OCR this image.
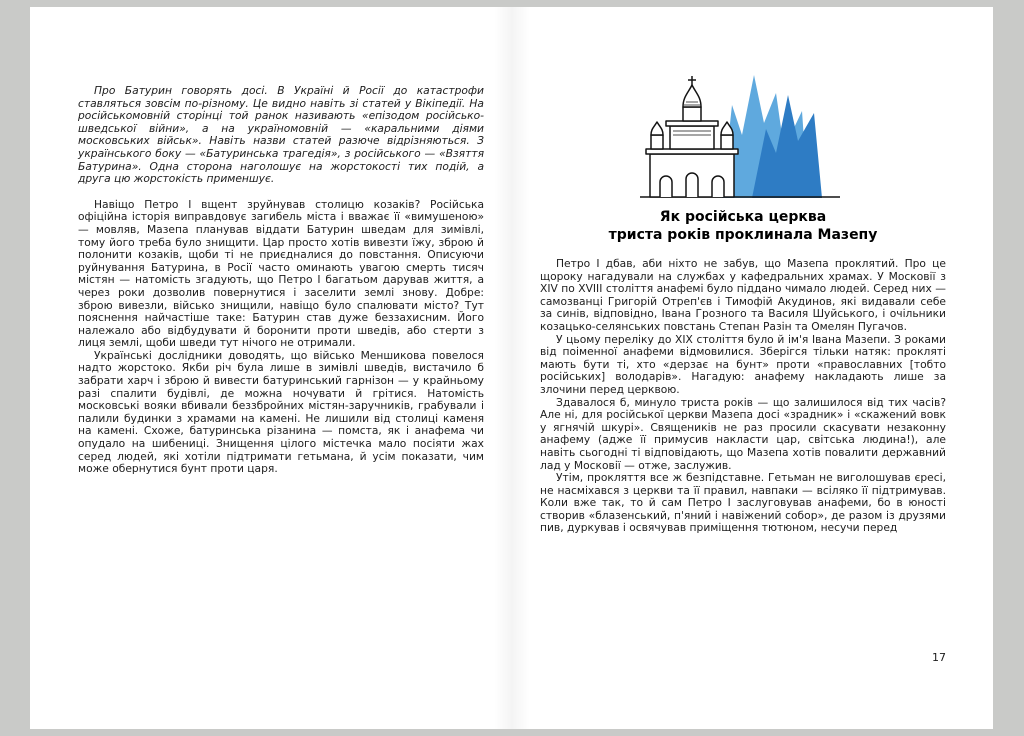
Про Батурин говорять досі. В Україні й Росії до катастрофи ставляться зовсім по-різному. Це видно навіть зі статей у Вікіпедії. На російськомовній сторінці той ранок називають «епізодом російсько-шведської війни», а на україномовній — «каральними діями московських військ». Навіть назви статей разюче відрізняються. З українського боку — «Батуринська трагедія», з російського — «Взяття Батурина». Одна сторона наголошує на жорстокості тих подій, а друга цю жорстокість применшує.

Навіщо Петро І вщент зруйнував столицю козаків? Російська офіційна історія виправдовує загибель міста і вважає її «вимушеною» — мовляв, Мазепа планував віддати Батурин шведам для зимівлі, тому його треба було знищити. Цар просто хотів вивезти їжу, зброю й полонити козаків, щоби ті не приєдналися до повстання. Описуючи руйнування Батурина, в Росії часто оминають увагою смерть тисяч містян — натомість згадують, що Петро І багатьом дарував життя, а через роки дозволив повернутися і заселити землі знову. Добре: зброю вивезли, військо знищили, навіщо було спалювати місто? Тут пояснення найчастіше таке: Батурин став дуже беззахисним. Його належало або відбудувати й боронити проти шведів, або стерти з лиця землі, щоби шведи тут нічого не отримали.

Українські дослідники доводять, що військо Меншикова повелося надто жорстоко. Якби річ була лише в зимівлі шведів, вистачило б забрати харч і зброю й вивести батуринський гарнізон — у крайньому разі спалити будівлі, де можна ночувати й грітися. Натомість московські вояки вбивали беззбройних містян-заручників, грабували і палили будинки з храмами на камені. Не лишили від столиці каменя на камені. Схоже, батуринська різанина — помста, як і анафема чи опудало на шибениці. Знищення цілого містечка мало посіяти жах серед людей, які хотіли підтримати гетьмана, й усім показати, чим може обернутися бунт проти царя.

Як російська церква
триста років проклинала Мазепу

Петро І дбав, аби ніхто не забув, що Мазепа проклятий. Про це щороку нагадували на службах у кафедральних храмах. У Московії з XIV по XVIII століття анафемі було піддано чимало людей. Серед них — самозванці Григорій Отреп'єв і Тимофій Акудинов, які видавали себе за синів, відповідно, Івана Грозного та Василя Шуйського, і очільники козацько-селянських повстань Степан Разін та Омелян Пугачов.

У цьому переліку до XIX століття було й ім'я Івана Мазепи. З роками від поіменної анафеми відмовилися. Зберігся тільки натяк: прокляті мають бути ті, хто «дерзає на бунт» проти «православних [тобто російських] володарів». Нагадую: анафему накладають лише за злочини перед церквою.

Здавалося б, минуло триста років — що залишилося від тих часів? Але ні, для російської церкви Мазепа досі «зрадник» і «скажений вовк у ягнячій шкурі». Священиків не раз просили скасувати незаконну анафему (адже її примусив накласти цар, світська людина!), але навіть сьогодні ті відповідають, що Мазепа хотів повалити державний лад у Московії — отже, заслужив.

Утім, прокляття все ж безпідставне. Гетьман не виголошував єресі, не насміхався з церкви та її правил, навпаки — всіляко її підтримував. Коли вже так, то й сам Петро І заслуговував анафеми, бо в юності створив «блазенський, п'яний і навіжений собор», де разом із друзями пив, дуркував і освячував приміщення тютюном, несучи перед

17
